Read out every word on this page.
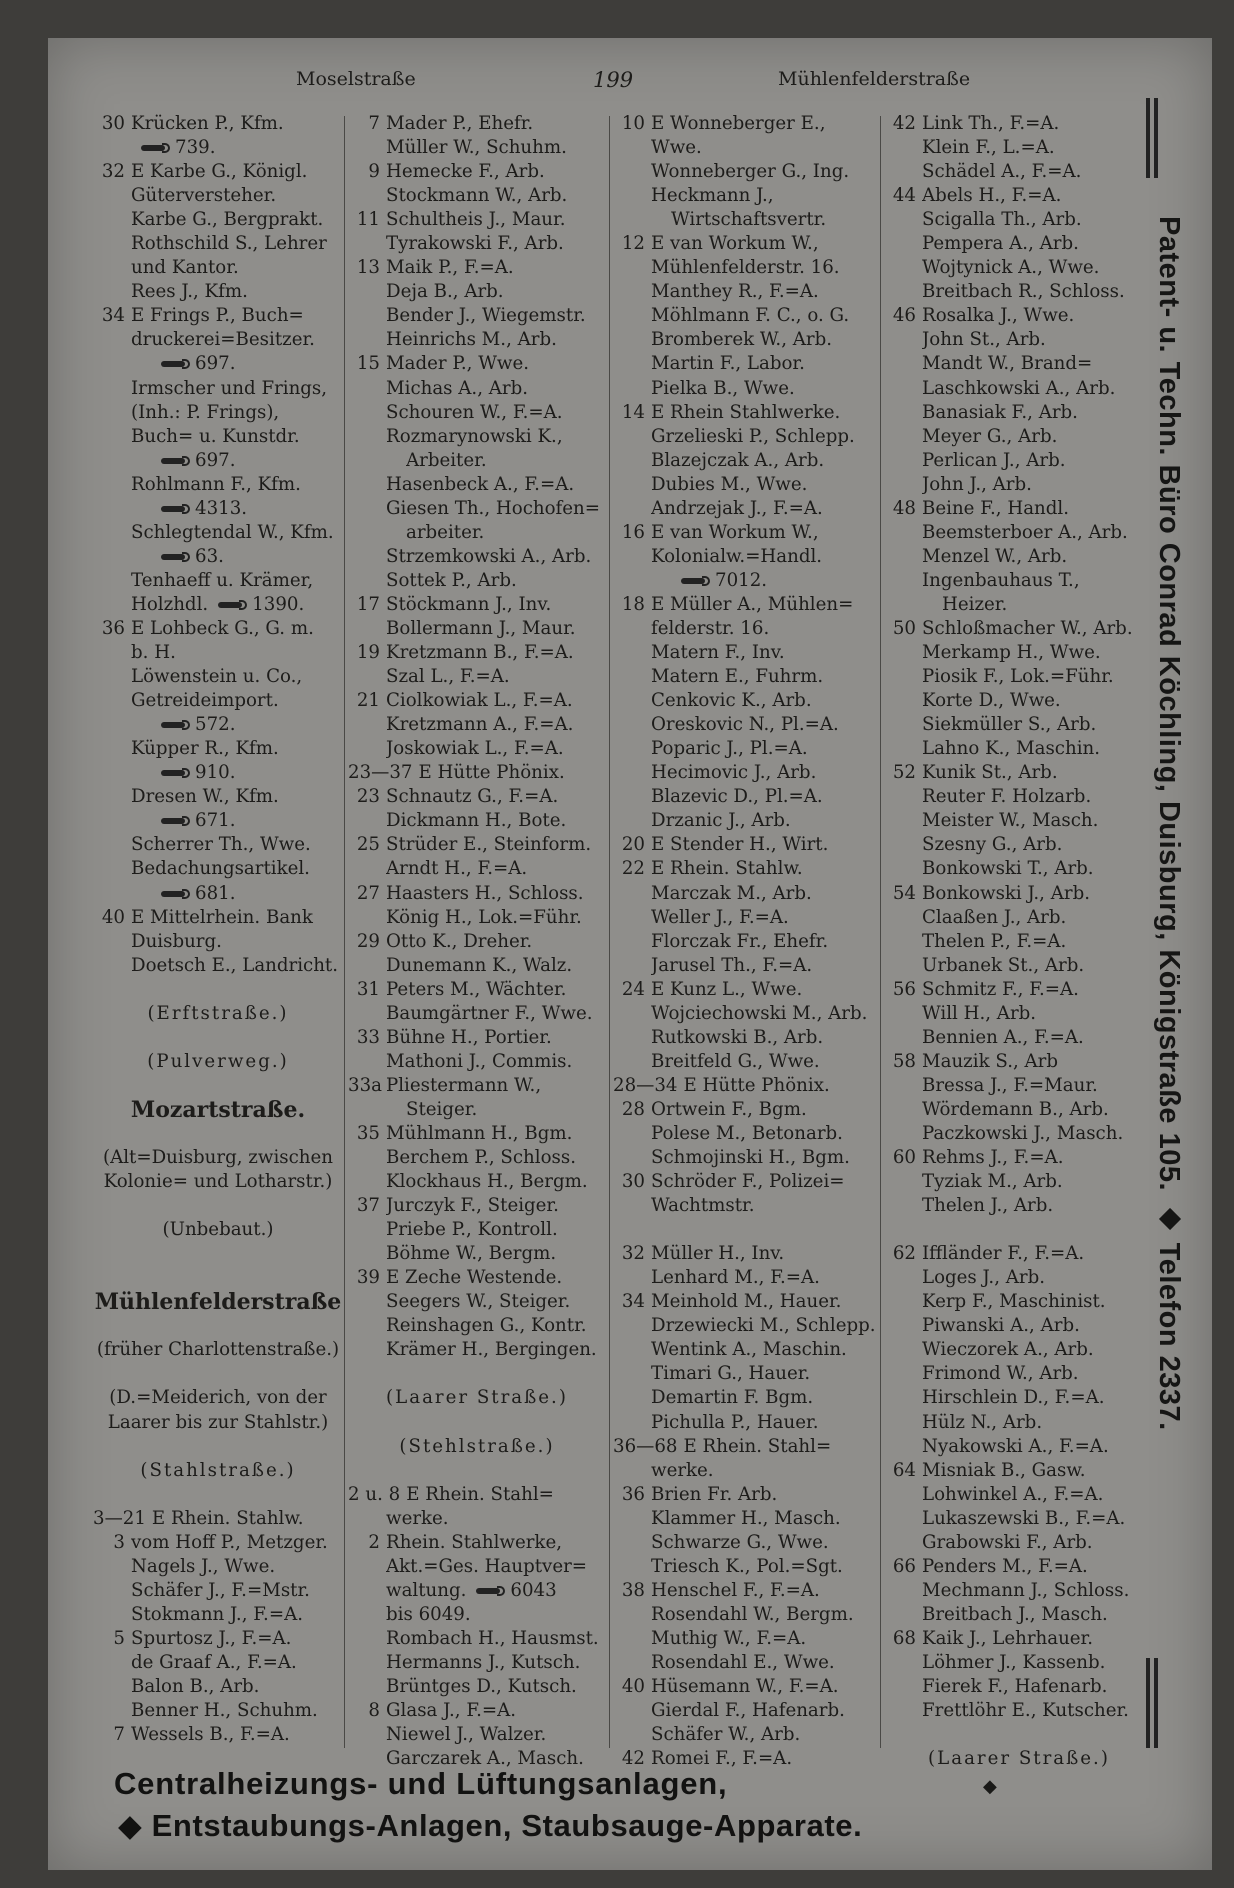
Moselstraße	199	Mühlenfelderstraße
30 Krücken P., Kfm.
739.
32 E Karbe G., Königl.
Güterversteher.
Karbe G., Bergprakt.
Rothschild S., Lehrer
und Kantor.
Rees J., Kfm.
34 E Frings P., Buch=
druckerei=Besitzer.
697.
Irmscher und Frings,
(Inh.: P. Frings),
Buch= u. Kunstdr.
697.
Rohlmann F., Kfm.
4313.
Schlegtendal W., Kfm.
63.
Tenhaeff u. Krämer,
Holzhdl. 1390.
36 E Lohbeck G., G. m.
b. H.
Löwenstein u. Co.,
Getreideimport.
572.
Küpper R., Kfm.
910.
Dresen W., Kfm.
671.
Scherrer Th., Wwe.
Bedachungsartikel.
681.
40 E Mittelrhein. Bank
Duisburg.
Doetsch E., Landricht.
(Erftstraße.)
(Pulverweg.)
Mozartstraße.
(Alt=Duisburg, zwischen
Kolonie= und Lotharstr.)
(Unbebaut.)
Mühlenfelderstraße
(früher Charlottenstraße.)
(D.=Meiderich, von der
Laarer bis zur Stahlstr.)
(Stahlstraße.)
3—21 E Rhein. Stahlw.
3 vom Hoff P., Metzger.
Nagels J., Wwe.
Schäfer J., F.=Mstr.
Stokmann J., F.=A.
5 Spurtosz J., F.=A.
de Graaf A., F.=A.
Balon B., Arb.
Benner H., Schuhm.
7 Wessels B., F.=A.
7 Mader P., Ehefr.
Müller W., Schuhm.
9 Hemecke F., Arb.
Stockmann W., Arb.
11 Schultheis J., Maur.
Tyrakowski F., Arb.
13 Maik P., F.=A.
Deja B., Arb.
Bender J., Wiegemstr.
Heinrichs M., Arb.
15 Mader P., Wwe.
Michas A., Arb.
Schouren W., F.=A.
Rozmarynowski K.,
Arbeiter.
Hasenbeck A., F.=A.
Giesen Th., Hochofen=
arbeiter.
Strzemkowski A., Arb.
Sottek P., Arb.
17 Stöckmann J., Inv.
Bollermann J., Maur.
19 Kretzmann B., F.=A.
Szal L., F.=A.
21 Ciolkowiak L., F.=A.
Kretzmann A., F.=A.
Joskowiak L., F.=A.
23—37 E Hütte Phönix.
23 Schnautz G., F.=A.
Dickmann H., Bote.
25 Strüder E., Steinform.
Arndt H., F.=A.
27 Haasters H., Schloss.
König H., Lok.=Führ.
29 Otto K., Dreher.
Dunemann K., Walz.
31 Peters M., Wächter.
Baumgärtner F., Wwe.
33 Bühne H., Portier.
Mathoni J., Commis.
33a Pliestermann W.,
Steiger.
35 Mühlmann H., Bgm.
Berchem P., Schloss.
Klockhaus H., Bergm.
37 Jurczyk F., Steiger.
Priebe P., Kontroll.
Böhme W., Bergm.
39 E Zeche Westende.
Seegers W., Steiger.
Reinshagen G., Kontr.
Krämer H., Bergingen.
(Laarer Straße.)
(Stehlstraße.)
2 u. 8 E Rhein. Stahl=
werke.
2 Rhein. Stahlwerke,
Akt.=Ges. Hauptver=
waltung. 6043
bis 6049.
Rombach H., Hausmst.
Hermanns J., Kutsch.
Brüntges D., Kutsch.
8 Glasa J., F.=A.
Niewel J., Walzer.
Garczarek A., Masch.
10 E Wonneberger E.,
Wwe.
Wonneberger G., Ing.
Heckmann J.,
Wirtschaftsvertr.
12 E van Workum W.,
Mühlenfelderstr. 16.
Manthey R., F.=A.
Möhlmann F. C., o. G.
Bromberek W., Arb.
Martin F., Labor.
Pielka B., Wwe.
14 E Rhein Stahlwerke.
Grzelieski P., Schlepp.
Blazejczak A., Arb.
Dubies M., Wwe.
Andrzejak J., F.=A.
16 E van Workum W.,
Kolonialw.=Handl.
7012.
18 E Müller A., Mühlen=
felderstr. 16.
Matern F., Inv.
Matern E., Fuhrm.
Cenkovic K., Arb.
Oreskovic N., Pl.=A.
Poparic J., Pl.=A.
Hecimovic J., Arb.
Blazevic D., Pl.=A.
Drzanic J., Arb.
20 E Stender H., Wirt.
22 E Rhein. Stahlw.
Marczak M., Arb.
Weller J., F.=A.
Florczak Fr., Ehefr.
Jarusel Th., F.=A.
24 E Kunz L., Wwe.
Wojciechowski M., Arb.
Rutkowski B., Arb.
Breitfeld G., Wwe.
28—34 E Hütte Phönix.
28 Ortwein F., Bgm.
Polese M., Betonarb.
Schmojinski H., Bgm.
30 Schröder F., Polizei=
Wachtmstr.
32 Müller H., Inv.
Lenhard M., F.=A.
34 Meinhold M., Hauer.
Drzewiecki M., Schlepp.
Wentink A., Maschin.
Timari G., Hauer.
Demartin F. Bgm.
Pichulla P., Hauer.
36—68 E Rhein. Stahl=
werke.
36 Brien Fr. Arb.
Klammer H., Masch.
Schwarze G., Wwe.
Triesch K., Pol.=Sgt.
38 Henschel F., F.=A.
Rosendahl W., Bergm.
Muthig W., F.=A.
Rosendahl E., Wwe.
40 Hüsemann W., F.=A.
Gierdal F., Hafenarb.
Schäfer W., Arb.
42 Romei F., F.=A.
42 Link Th., F.=A.
Klein F., L.=A.
Schädel A., F.=A.
44 Abels H., F.=A.
Scigalla Th., Arb.
Pempera A., Arb.
Wojtynick A., Wwe.
Breitbach R., Schloss.
46 Rosalka J., Wwe.
John St., Arb.
Mandt W., Brand=
Laschkowski A., Arb.
Banasiak F., Arb.
Meyer G., Arb.
Perlican J., Arb.
John J., Arb.
48 Beine F., Handl.
Beemsterboer A., Arb.
Menzel W., Arb.
Ingenbauhaus T.,
Heizer.
50 Schloßmacher W., Arb.
Merkamp H., Wwe.
Piosik F., Lok.=Führ.
Korte D., Wwe.
Siekmüller S., Arb.
Lahno K., Maschin.
52 Kunik St., Arb.
Reuter F. Holzarb.
Meister W., Masch.
Szesny G., Arb.
Bonkowski T., Arb.
54 Bonkowski J., Arb.
Claaßen J., Arb.
Thelen P., F.=A.
Urbanek St., Arb.
56 Schmitz F., F.=A.
Will H., Arb.
Bennien A., F.=A.
58 Mauzik S., Arb
Bressa J., F.=Maur.
Wördemann B., Arb.
Paczkowski J., Masch.
60 Rehms J., F.=A.
Tyziak M., Arb.
Thelen J., Arb.
62 Iffländer F., F.=A.
Loges J., Arb.
Kerp F., Maschinist.
Piwanski A., Arb.
Wieczorek A., Arb.
Frimond W., Arb.
Hirschlein D., F.=A.
Hülz N., Arb.
Nyakowski A., F.=A.
64 Misniak B., Gasw.
Lohwinkel A., F.=A.
Lukaszewski B., F.=A.
Grabowski F., Arb.
66 Penders M., F.=A.
Mechmann J., Schloss.
Breitbach J., Masch.
68 Kaik J., Lehrhauer.
Löhmer J., Kassenb.
Fierek F., Hafenarb.
Frettlöhr E., Kutscher.
(Laarer Straße.)
Patent- u. Techn. Büro Conrad Köchling, Duisburg, Königstraße 105. ◆ Telefon 2337.
Centralheizungs- und Lüftungsanlagen,	◆
◆ Entstaubungs-Anlagen, Staubsauge-Apparate.
